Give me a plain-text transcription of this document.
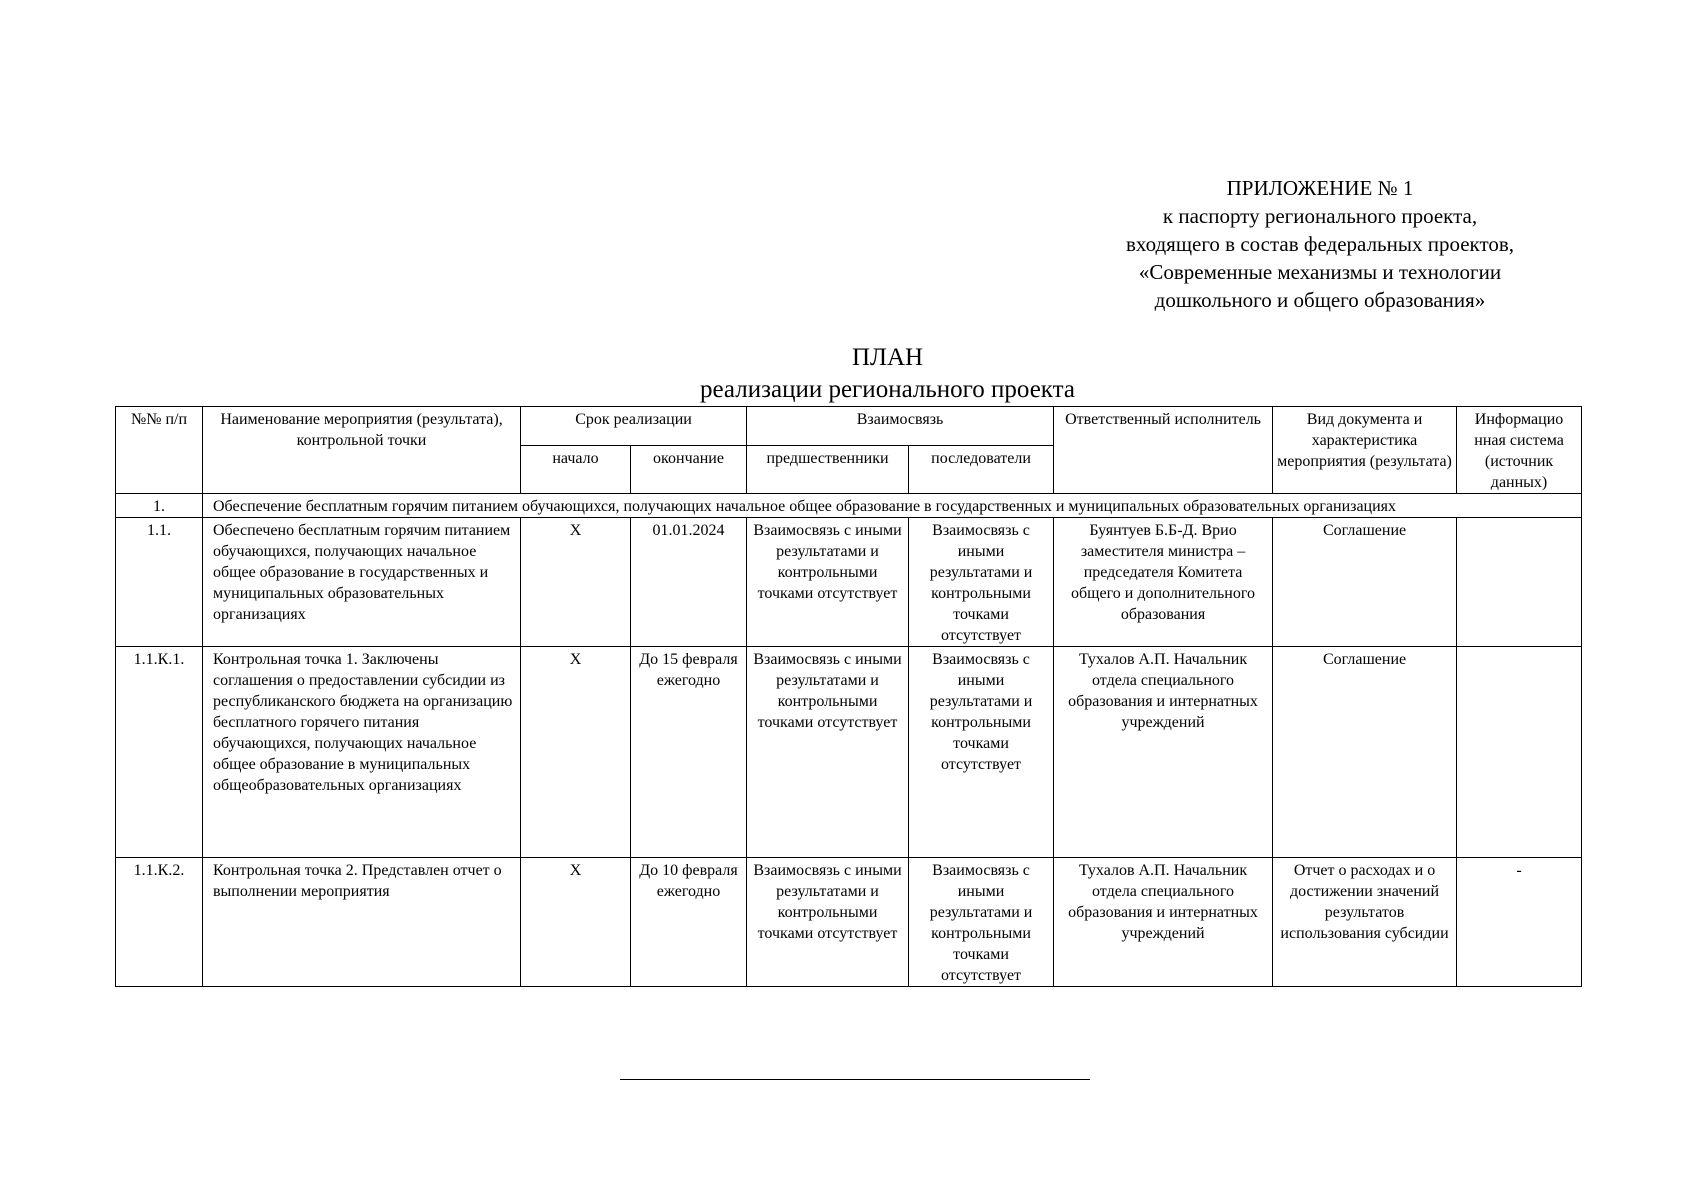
ПРИЛОЖЕНИЕ № 1
к паспорту регионального проекта,
входящего в состав федеральных проектов,
«Современные механизмы и технологии
дошкольного и общего образования»
ПЛАН
реализации регионального проекта
№№ п/п	Наименование мероприятия (результата), контрольной точки	Срок реализации		Взаимосвязь		Ответственный исполнитель	Вид документа и характеристика мероприятия (результата)	Информацио нная система (источник данных)
		начало	окончание	предшественники	последователи			
1.	Обеспечение бесплатным горячим питанием обучающихся, получающих начальное общее образование в государственных и муниципальных образовательных организациях							
1.1.	Обеспечено бесплатным горячим питанием обучающихся, получающих начальное общее образование в государственных и муниципальных образовательных организациях	Х	01.01.2024	Взаимосвязь с иными результатами и контрольными точками отсутствует	Взаимосвязь с иными результатами и контрольными точками отсутствует	Буянтуев Б.Б-Д. Врио заместителя министра – председателя Комитета общего и дополнительного образования	Соглашение	
1.1.К.1.	Контрольная точка 1. Заключены соглашения о предоставлении субсидии из республиканского бюджета на организацию бесплатного горячего питания обучающихся, получающих начальное общее образование в муниципальных общеобразовательных организациях	Х	До 15 февраля ежегодно	Взаимосвязь с иными результатами и контрольными точками отсутствует	Взаимосвязь с иными результатами и контрольными точками отсутствует	Тухалов А.П. Начальник отдела специального образования и интернатных учреждений	Соглашение	
1.1.К.2.	Контрольная точка 2. Представлен отчет о выполнении мероприятия	Х	До 10 февраля ежегодно	Взаимосвязь с иными результатами и контрольными точками отсутствует	Взаимосвязь с иными результатами и контрольными точками отсутствует	Тухалов А.П. Начальник отдела специального образования и интернатных учреждений	Отчет о расходах и о достижении значений результатов использования субсидии	-
